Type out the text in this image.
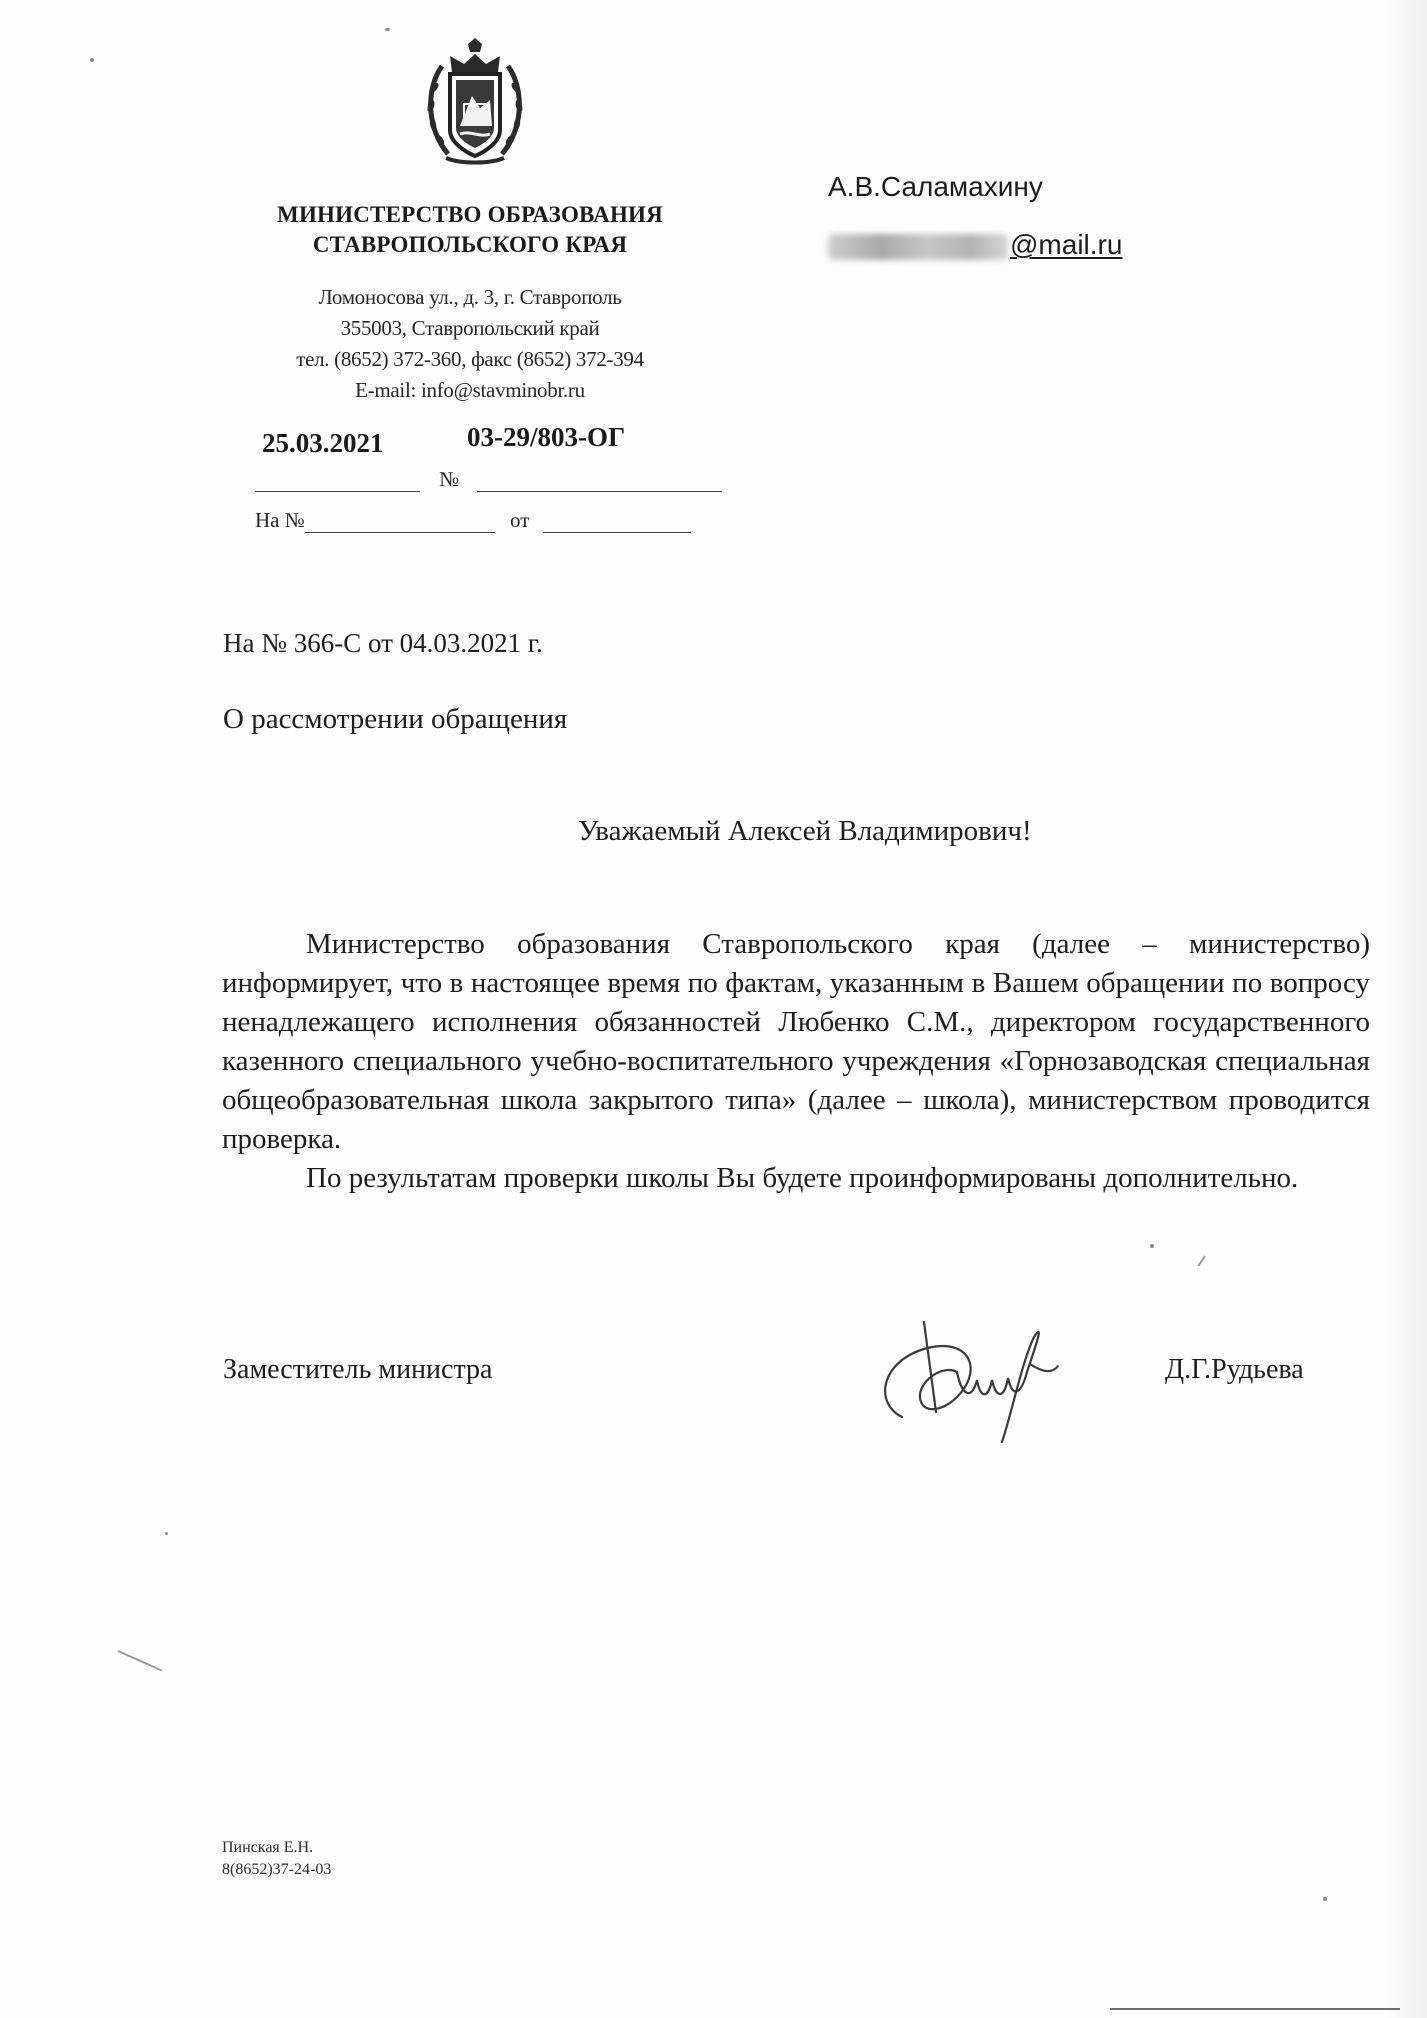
МИНИСТЕРСТВО ОБРАЗОВАНИЯ
СТАВРОПОЛЬСКОГО КРАЯ
Ломоносова ул., д. 3, г. Ставрополь
355003, Ставропольский край
тел. (8652) 372-360, факс (8652) 372-394
E-mail: info@stavminobr.ru
25.03.2021	03-29/803-ОГ
№
На №	от
А.В.Саламахину
@mail.ru
На № 366-С от 04.03.2021 г.
О рассмотрении обращения
Уважаемый Алексей Владимирович!

Министерство образования Ставропольского края (далее – министерство) информирует, что в настоящее время по фактам, указанным в Вашем обращении по вопросу ненадлежащего исполнения обязанностей Любенко С.М., директором государственного казенного специального учебно-воспитательного учреждения «Горнозаводская специальная общеобразовательная школа закрытого типа» (далее – школа), министерством проводится проверка.

По результатам проверки школы Вы будете проинформированы дополнительно.

Заместитель министра	Д.Г.Рудьева
Пинская Е.Н.
8(8652)37-24-03
